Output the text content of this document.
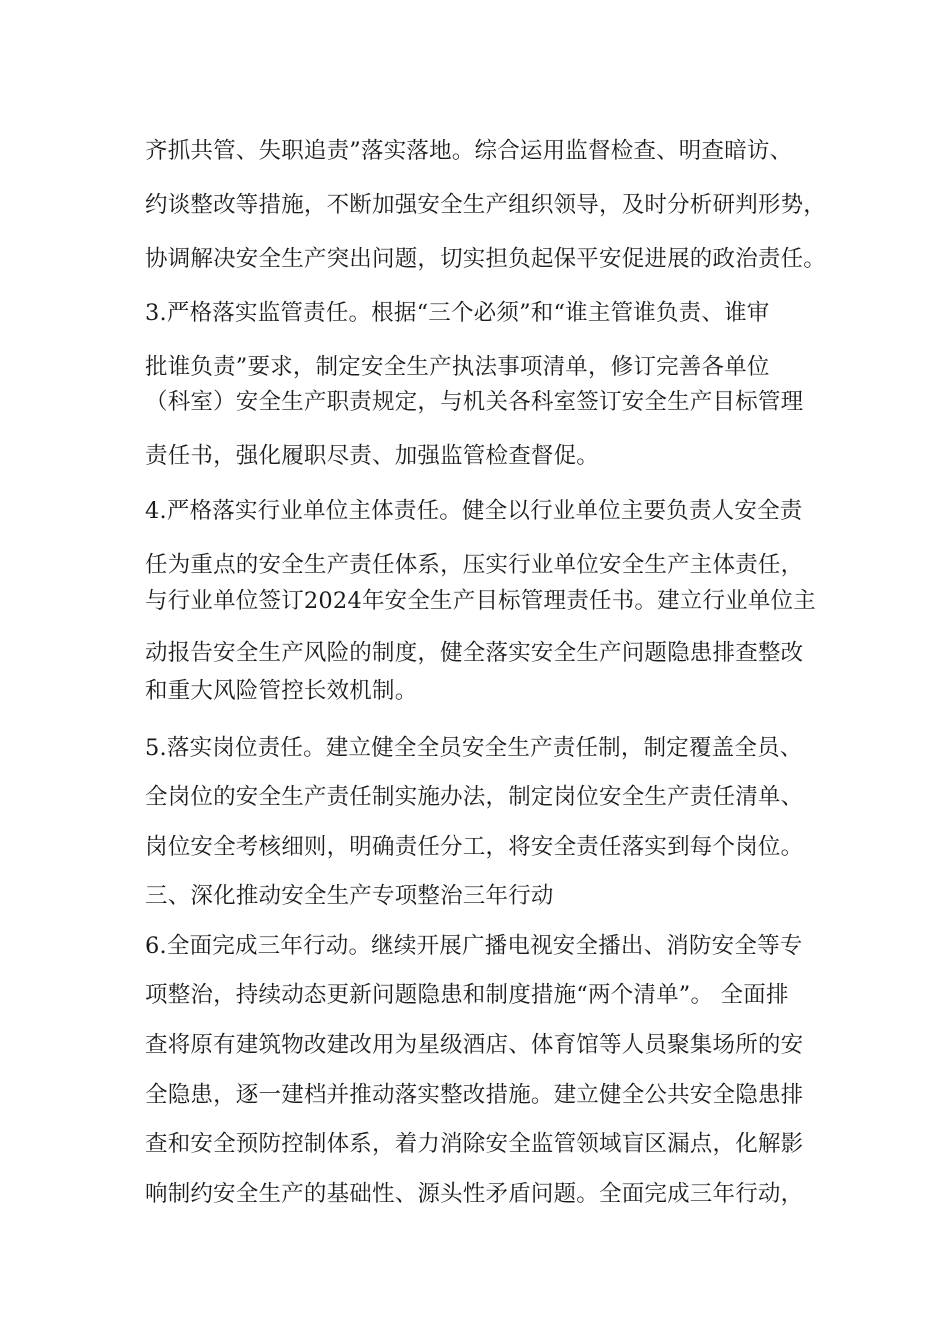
齐抓共管、失职追责”落实落地。综合运用监督检查、明查暗访、
约谈整改等措施，不断加强安全生产组织领导，及时分析研判形势，
协调解决安全生产突出问题，切实担负起保平安促进展的政治责任。
3.严格落实监管责任。根据“三个必须”和“谁主管谁负责、谁审
批谁负责”要求，制定安全生产执法事项清单，修订完善各单位
（科室）安全生产职责规定，与机关各科室签订安全生产目标管理
责任书，强化履职尽责、加强监管检查督促。
4.严格落实行业单位主体责任。健全以行业单位主要负责人安全责
任为重点的安全生产责任体系，压实行业单位安全生产主体责任，
与行业单位签订2024年安全生产目标管理责任书。建立行业单位主
动报告安全生产风险的制度，健全落实安全生产问题隐患排查整改
和重大风险管控长效机制。
5.落实岗位责任。建立健全全员安全生产责任制，制定覆盖全员、
全岗位的安全生产责任制实施办法，制定岗位安全生产责任清单、
岗位安全考核细则，明确责任分工，将安全责任落实到每个岗位。
三、深化推动安全生产专项整治三年行动
6.全面完成三年行动。继续开展广播电视安全播出、消防安全等专
项整治，持续动态更新问题隐患和制度措施“两个清单”。 全面排
查将原有建筑物改建改用为星级酒店、体育馆等人员聚集场所的安
全隐患，逐一建档并推动落实整改措施。建立健全公共安全隐患排
查和安全预防控制体系，着力消除安全监管领域盲区漏点，化解影
响制约安全生产的基础性、源头性矛盾问题。全面完成三年行动，
